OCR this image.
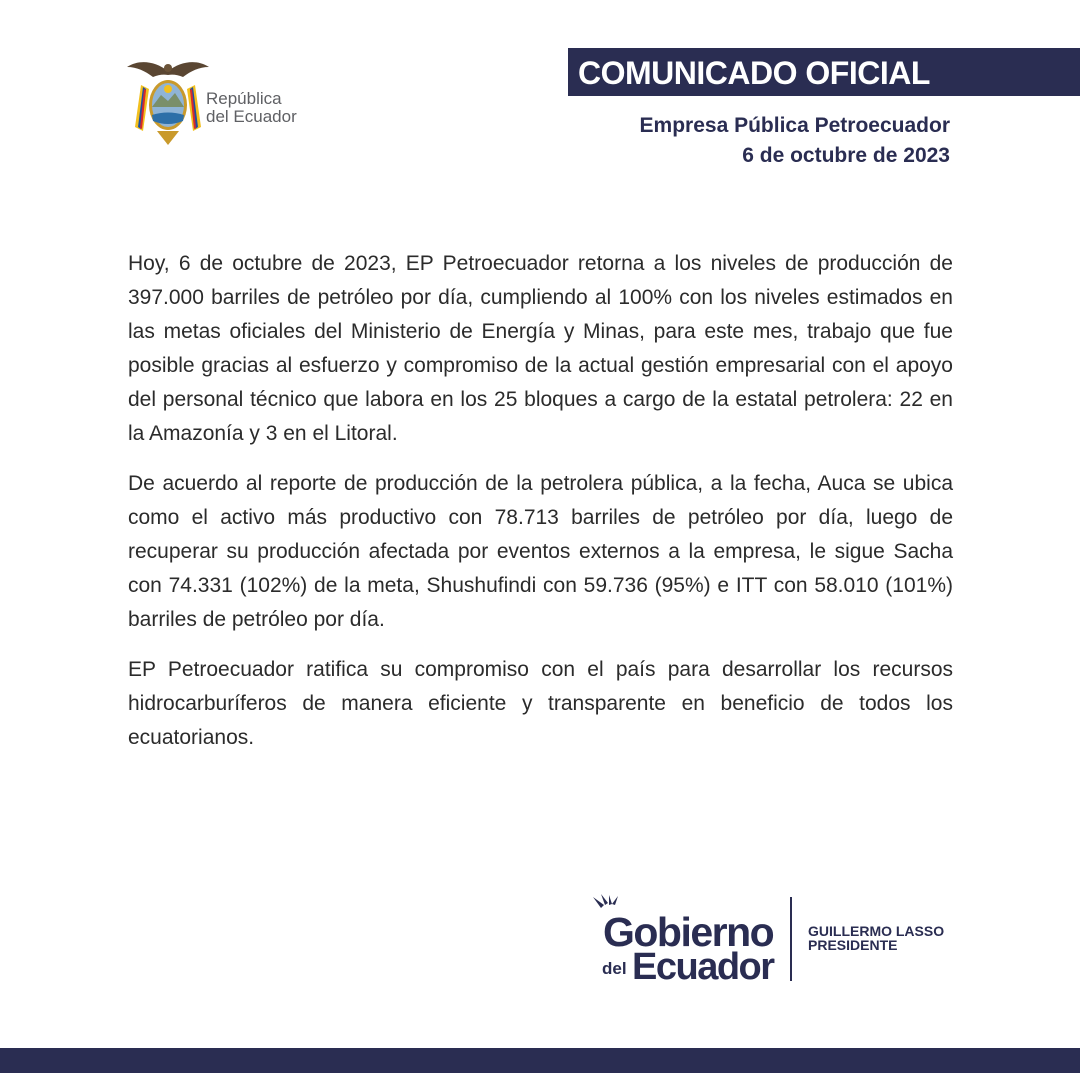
República
del Ecuador
COMUNICADO OFICIAL
Empresa Pública Petroecuador
6 de octubre de 2023

Hoy, 6 de octubre de 2023, EP Petroecuador retorna a los niveles de producción de 397.000 barriles de petróleo por día, cumpliendo al 100% con los niveles estimados en las metas oficiales del Ministerio de Energía y Minas, para este mes, trabajo que fue posible gracias al esfuerzo y compromiso de la actual gestión empresarial con el apoyo del personal técnico que labora en los 25 bloques a cargo de la estatal petrolera: 22 en la Amazonía y 3 en el Litoral.

De acuerdo al reporte de producción de la petrolera pública, a la fecha, Auca se ubica como el activo más productivo con 78.713 barriles de petróleo por día, luego de recuperar su producción afectada por eventos externos a la empresa, le sigue Sacha con 74.331 (102%) de la meta, Shushufindi con 59.736 (95%) e ITT con 58.010 (101%) barriles de petróleo por día.

EP Petroecuador ratifica su compromiso con el país para desarrollar los recursos hidrocarburíferos de manera eficiente y transparente en beneficio de todos los ecuatorianos.

Gobierno
del Ecuador
GUILLERMO LASSO
PRESIDENTE
